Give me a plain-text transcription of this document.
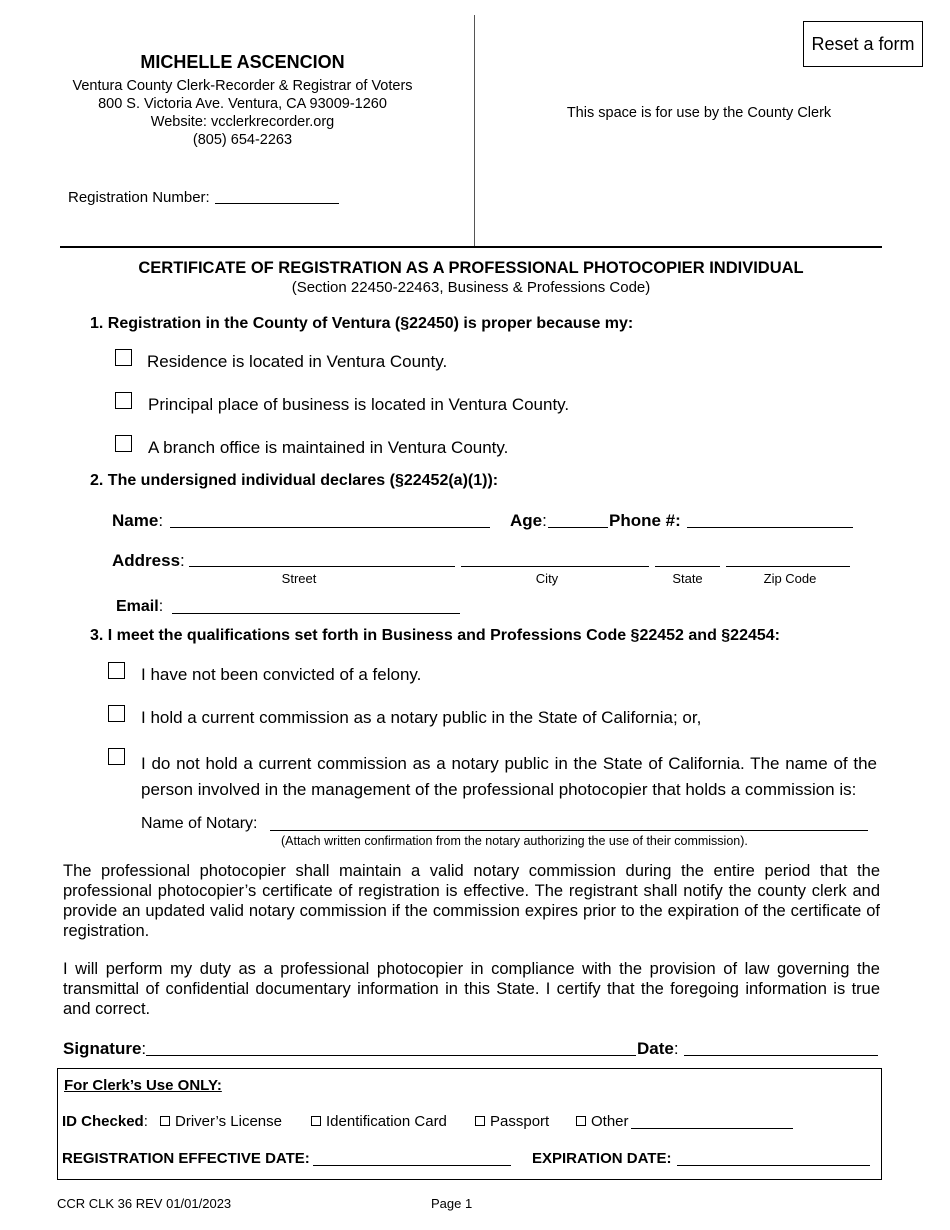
MICHELLE ASCENCION
Ventura County Clerk-Recorder & Registrar of Voters
800 S. Victoria Ave. Ventura, CA 93009-1260
Website: vcclerkrecorder.org
(805) 654-2263
Registration Number:
This space is for use by the County Clerk
Reset a form
CERTIFICATE OF REGISTRATION AS A PROFESSIONAL PHOTOCOPIER INDIVIDUAL
(Section 22450-22463, Business & Professions Code)
1. Registration in the County of Ventura (§22450) is proper because my:
Residence is located in Ventura County.
Principal place of business is located in Ventura County.
A branch office is maintained in Ventura County.
2. The undersigned individual declares (§22452(a)(1)):
Name:	Age:	Phone #:
Address:
Street	City	State	Zip Code
Email:
3. I meet the qualifications set forth in Business and Professions Code §22452 and §22454:
I have not been convicted of a felony.
I hold a current commission as a notary public in the State of California; or,
I do not hold a current commission as a notary public in the State of California. The name of the person involved in the management of the professional photocopier that holds a commission is:
Name of Notary:
(Attach written confirmation from the notary authorizing the use of their commission).
The professional photocopier shall maintain a valid notary commission during the entire period that the professional photocopier’s certificate of registration is effective. The registrant shall notify the county clerk and provide an updated valid notary commission if the commission expires prior to the expiration of the certificate of registration.
I will perform my duty as a professional photocopier in compliance with the provision of law governing the transmittal of confidential documentary information in this State. I certify that the foregoing information is true and correct.
Signature:	Date:
For Clerk’s Use ONLY:
ID Checked:	Driver’s License	Identification Card	Passport	Other
REGISTRATION EFFECTIVE DATE:	EXPIRATION DATE:
CCR CLK 36 REV 01/01/2023	Page 1
